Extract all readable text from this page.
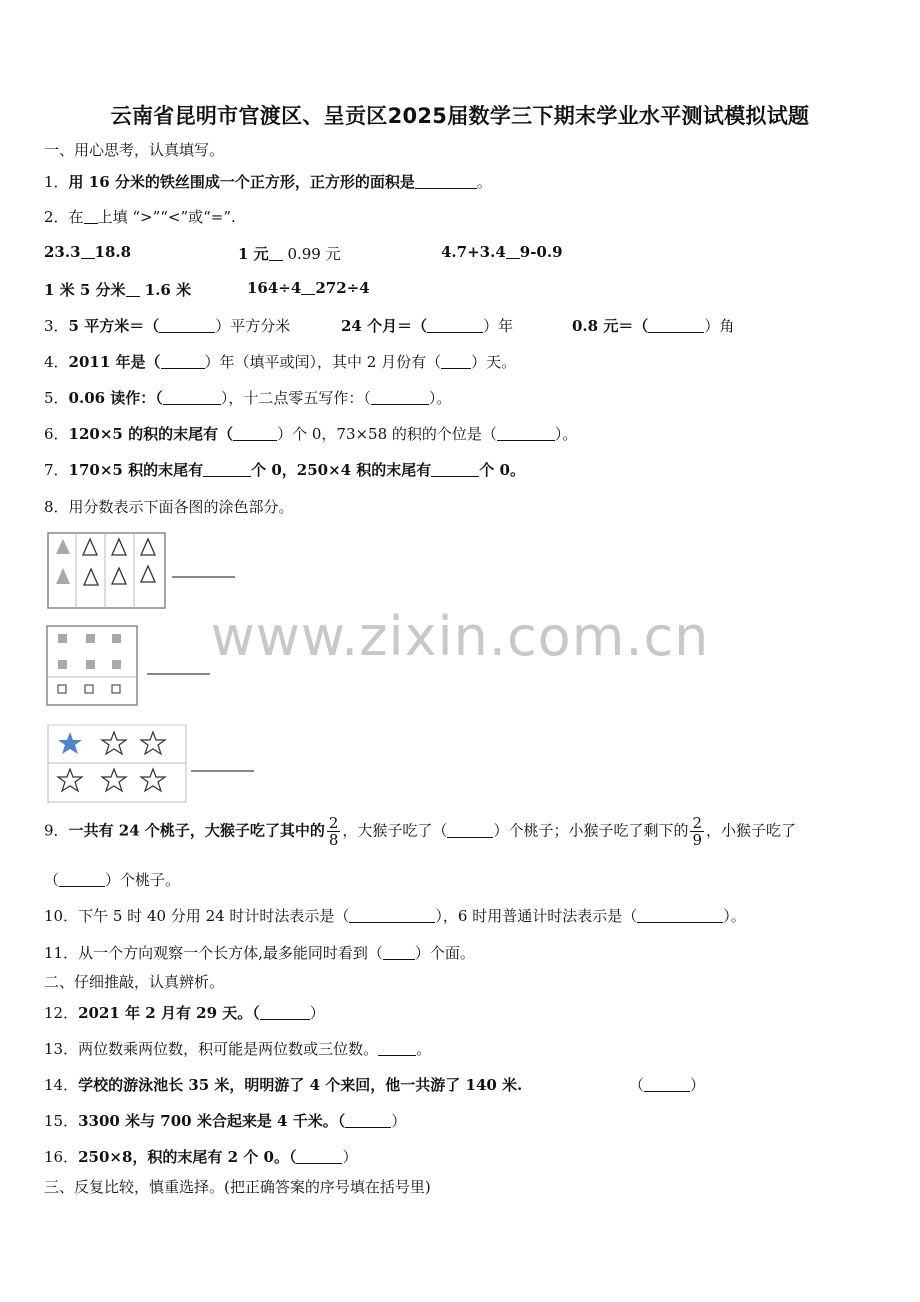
云南省昆明市官渡区、呈贡区2025届数学三下期末学业水平测试模拟试题
www.zixin.com.cn
一、用心思考，认真填写。
1．用 16 分米的铁丝围成一个正方形，正方形的面积是	。
2．在 上填 “>”“<”或“=”.
23.3 18.8	1 元 0.99 元	4.7+3.4 9-0.9
1 米 5 分米 1.6 米	164÷4 272÷4
3．5 平方米＝（	）平方分米	24 个月＝（	）年	0.8 元＝（	）角
4．2011 年是（	）年（填平或闰），其中 2 月份有（ ）天。
5．0.06 读作：（	），十二点零五写作：（	）。
6．120×5 的积的末尾有（	）个 0，73×58 的积的个位是（	）。
7．170×5 积的末尾有	个 0，250×4 积的末尾有	个 0。
8．用分数表示下面各图的涂色部分。
9．一共有 24 个桃子，大猴子吃了其中的 $\frac{2}{8}$ ，大猴子吃了（	）个桃子；小猴子吃了剩下的 $\frac{2}{9}$ ，小猴子吃了
（	）个桃子。
10．下午 5 时 40 分用 24 时计时法表示是（	），6 时用普通计时法表示是（	）。
11．从一个方向观察一个长方体,最多能同时看到（ ）个面。
二、仔细推敲，认真辨析。
12．2021 年 2 月有 29 天。（	）
13．两位数乘两位数，积可能是两位数或三位数。	。
14．学校的游泳池长 35 米，明明游了 4 个来回，他一共游了 140 米.	（	）
15．3300 米与 700 米合起来是 4 千米。（	）
16．250×8，积的末尾有 2 个 0。（	）
三、反复比较，慎重选择。(把正确答案的序号填在括号里)
